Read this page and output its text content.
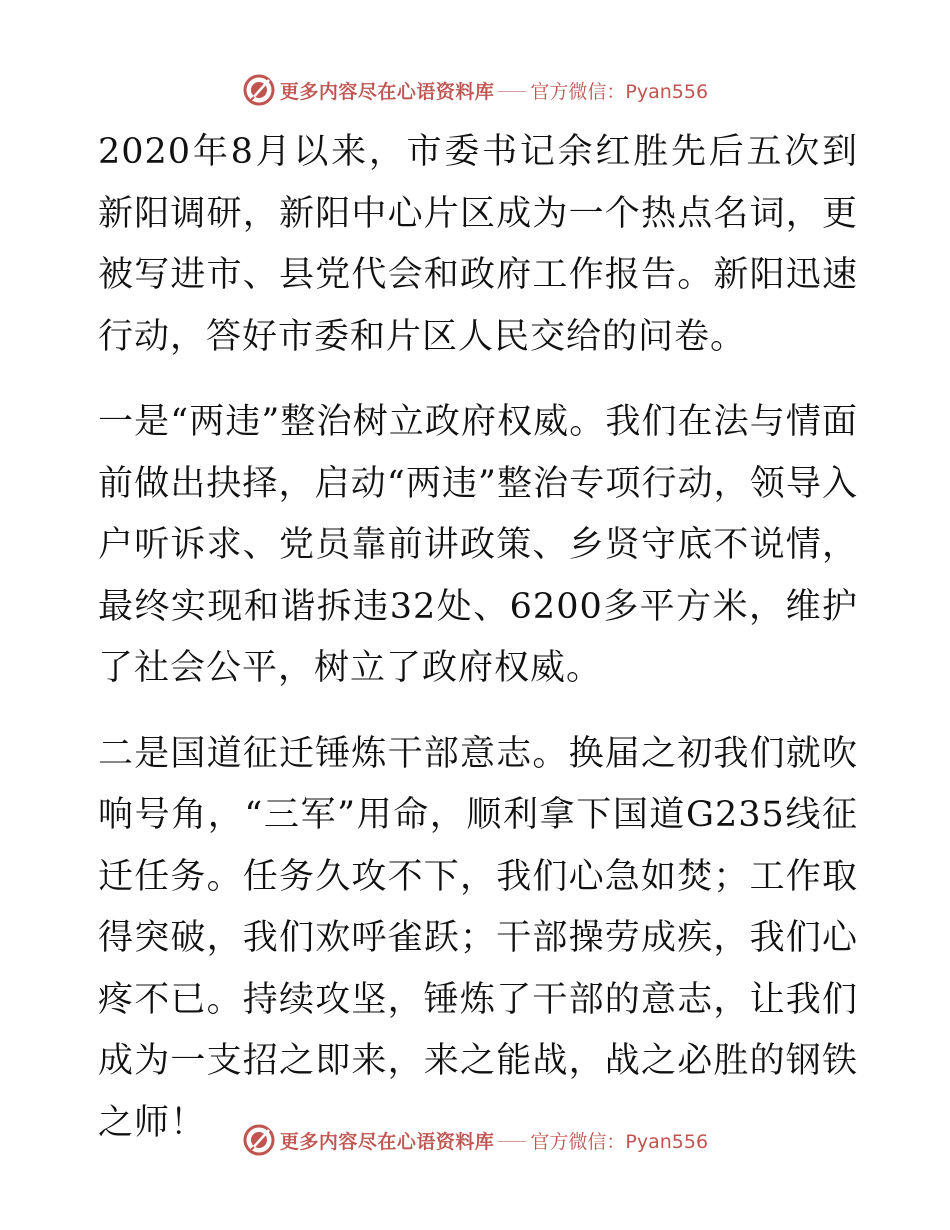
更多内容尽在心语资料库 官方微信：Pyan556

2020年8月以来，市委书记余红胜先后五次到新阳调研，新阳中心片区成为一个热点名词，更被写进市、县党代会和政府工作报告。新阳迅速行动，答好市委和片区人民交给的问卷。

一是“两违”整治树立政府权威。我们在法与情面前做出抉择，启动“两违”整治专项行动，领导入户听诉求、党员靠前讲政策、乡贤守底不说情，最终实现和谐拆违32处、6200多平方米，维护了社会公平，树立了政府权威。

二是国道征迁锤炼干部意志。换届之初我们就吹响号角，“三军”用命，顺利拿下国道G235线征迁任务。任务久攻不下，我们心急如焚；工作取得突破，我们欢呼雀跃；干部操劳成疾，我们心疼不已。持续攻坚，锤炼了干部的意志，让我们成为一支招之即来，来之能战，战之必胜的钢铁之师！	更多内容尽在心语资料库 官方微信：Pyan556
